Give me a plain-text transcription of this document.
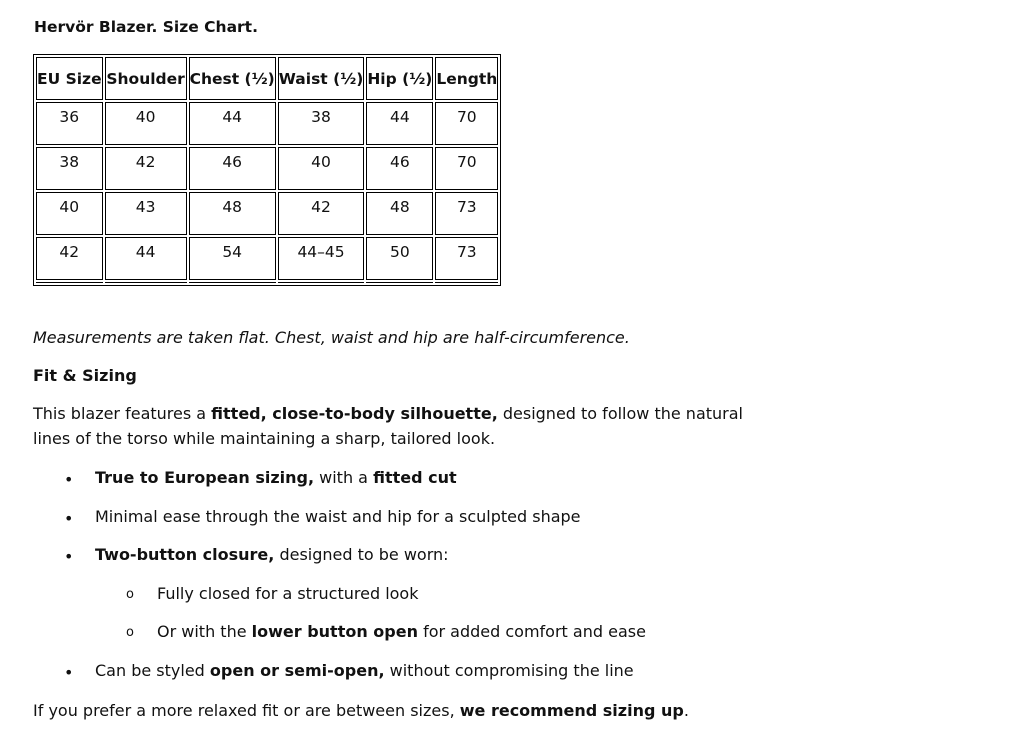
Hervör Blazer. Size Chart.
EU Size	Shoulder	Chest (½)	Waist (½)	Hip (½)	Length
36	40	44	38	44	70
38	42	46	40	46	70
40	43	48	42	48	73
42	44	54	44–45	50	73

Measurements are taken flat. Chest, waist and hip are half-circumference.

Fit & Sizing

This blazer features a fitted, close-to-body silhouette, designed to follow the natural lines of the torso while maintaining a sharp, tailored look.

• True to European sizing, with a fitted cut
• Minimal ease through the waist and hip for a sculpted shape
• Two-button closure, designed to be worn:
o Fully closed for a structured look
o Or with the lower button open for added comfort and ease
• Can be styled open or semi-open, without compromising the line

If you prefer a more relaxed fit or are between sizes, we recommend sizing up.
